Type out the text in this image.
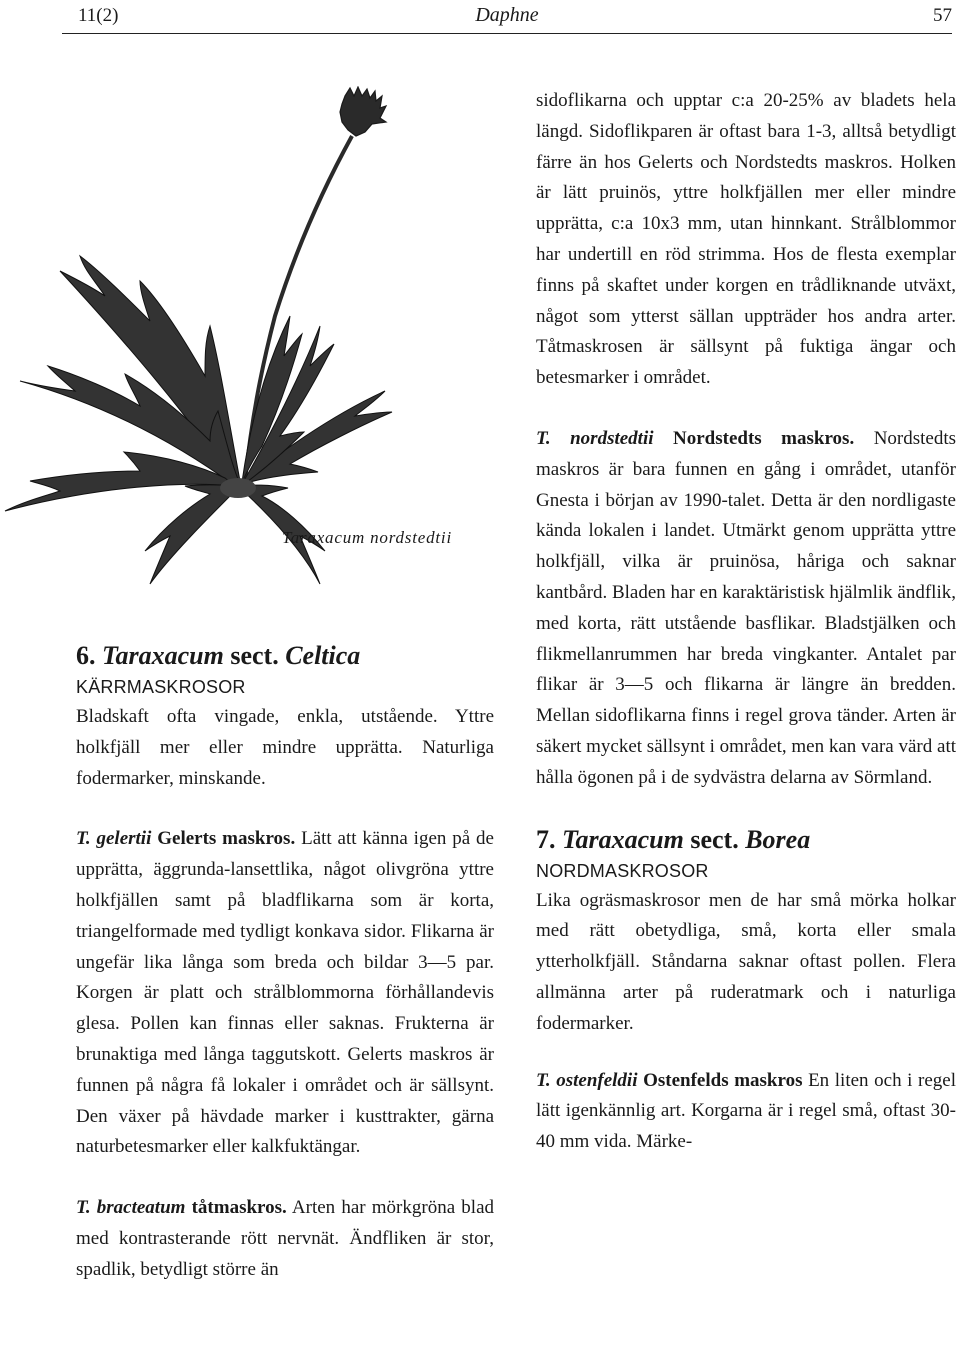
11(2)	Daphne	57
Taraxacum nordstedtii

sidoflikarna och upptar c:a 20-25% av bladets hela längd. Sidoflikparen är oftast bara 1-3, alltså betydligt färre än hos Gelerts och Nordstedts maskros. Holken är lätt pruinös, yttre holkfjällen mer eller mindre upprätta, c:a 10x3 mm, utan hinnkant. Strålblommor har undertill en röd strimma. Hos de flesta exemplar finns på skaftet under korgen en trådliknande utväxt, något som ytterst sällan uppträder hos andra arter. Tåtmaskrosen är sällsynt på fuktiga ängar och betesmarker i området.

T. nordstedtii Nordstedts maskros. Nordstedts maskros är bara funnen en gång i området, utanför Gnesta i början av 1990-talet. Detta är den nordligaste kända lokalen i landet. Utmärkt genom upprätta yttre holkfjäll, vilka är pruinösa, håriga och saknar kantbård. Bladen har en karaktäristisk hjälmlik ändflik, med korta, rätt utstående basflikar. Bladstjälken och flikmellanrummen har breda vingkanter. Antalet par flikar är 3—5 och flikarna är längre än bredden. Mellan sidoflikarna finns i regel grova tänder. Arten är säkert mycket sällsynt i området, men kan vara värd att hålla ögonen på i de sydvästra delarna av Sörmland.

7. Taraxacum sect. Borea
NORDMASKROSOR

Lika ogräsmaskrosor men de har små mörka holkar med rätt obetydliga, små, korta eller smala ytterholkfjäll. Ståndarna saknar oftast pollen. Flera allmänna arter på ruderatmark och i naturliga fodermarker.

T. ostenfeldii Ostenfelds maskros En liten och i regel lätt igenkännlig art. Korgarna är i regel små, oftast 30-40 mm vida. Märke-

6. Taraxacum sect. Celtica
KÄRRMASKROSOR

Bladskaft ofta vingade, enkla, utstående. Yttre holkfjäll mer eller mindre upprätta. Naturliga fodermarker, minskande.

T. gelertii Gelerts maskros. Lätt att känna igen på de upprätta, äggrunda-lansettlika, något olivgröna yttre holkfjällen samt på bladflikarna som är korta, triangelformade med tydligt konkava sidor. Flikarna är ungefär lika långa som breda och bildar 3—5 par. Korgen är platt och strålblommorna förhållandevis glesa. Pollen kan finnas eller saknas. Frukterna är brunaktiga med långa taggutskott. Gelerts maskros är funnen på några få lokaler i området och är sällsynt. Den växer på hävdade marker i kusttrakter, gärna naturbetesmarker eller kalkfuktängar.

T. bracteatum tåtmaskros. Arten har mörkgröna blad med kontrasterande rött nervnät. Ändfliken är stor, spadlik, betydligt större än
